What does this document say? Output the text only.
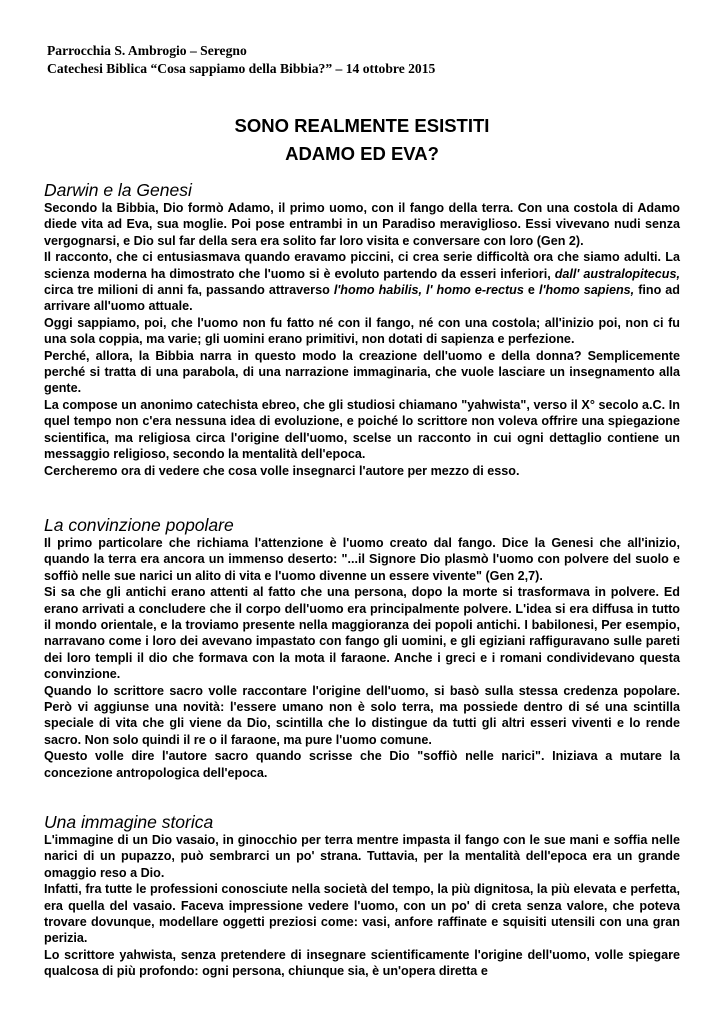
Parrocchia S. Ambrogio – Seregno
Catechesi Biblica “Cosa sappiamo della Bibbia?” – 14 ottobre 2015
SONO REALMENTE ESISTITI
ADAMO ED EVA?
Darwin e la Genesi

Secondo la Bibbia, Dio formò Adamo, il primo uomo, con il fango della terra. Con una costola di Adamo diede vita ad Eva, sua moglie. Poi pose entrambi in un Paradiso meraviglioso. Essi vivevano nudi senza vergognarsi, e Dio sul far della sera era solito far loro visita e conversare con loro (Gen 2).

Il racconto, che ci entusiasmava quando eravamo piccini, ci crea serie difficoltà ora che siamo adulti. La scienza moderna ha dimostrato che l'uomo si è evoluto partendo da esseri inferiori, dall' australopitecus, circa tre milioni di anni fa, passando attraverso l'homo habilis, l' homo e-rectus e l'homo sapiens, fino ad arrivare all'uomo attuale.

Oggi sappiamo, poi, che l'uomo non fu fatto né con il fango, né con una costola; all'inizio poi, non ci fu una sola coppia, ma varie; gli uomini erano primitivi, non dotati di sapienza e perfezione.

Perché, allora, la Bibbia narra in questo modo la creazione dell'uomo e della donna? Semplicemente perché si tratta di una parabola, di una narrazione immaginaria, che vuole lasciare un insegnamento alla gente.

La compose un anonimo catechista ebreo, che gli studiosi chiamano "yahwista", verso il X° secolo a.C. In quel tempo non c'era nessuna idea di evoluzione, e poiché lo scrittore non voleva offrire una spiegazione scientifica, ma religiosa circa l'origine dell'uomo, scelse un racconto in cui ogni dettaglio contiene un messaggio religioso, secondo la mentalità dell'epoca.

Cercheremo ora di vedere che cosa volle insegnarci l'autore per mezzo di esso.

La convinzione popolare

Il primo particolare che richiama l'attenzione è l'uomo creato dal fango. Dice la Genesi che all'inizio, quando la terra era ancora un immenso deserto: "...il Signore Dio plasmò l'uomo con polvere del suolo e soffiò nelle sue narici un alito di vita e l'uomo divenne un essere vivente" (Gen 2,7).

Si sa che gli antichi erano attenti al fatto che una persona, dopo la morte si trasformava in polvere. Ed erano arrivati a concludere che il corpo dell'uomo era principalmente polvere. L'idea si era diffusa in tutto il mondo orientale, e la troviamo presente nella maggioranza dei popoli antichi. I babilonesi, Per esempio, narravano come i loro dei avevano impastato con fango gli uomini, e gli egiziani raffiguravano sulle pareti dei loro templi il dio che formava con la mota il faraone. Anche i greci e i romani condividevano questa convinzione.

Quando lo scrittore sacro volle raccontare l'origine dell'uomo, si basò sulla stessa credenza popolare. Però vi aggiunse una novità: l'essere umano non è solo terra, ma possiede dentro di sé una scintilla speciale di vita che gli viene da Dio, scintilla che lo distingue da tutti gli altri esseri viventi e lo rende sacro. Non solo quindi il re o il faraone, ma pure l'uomo comune.

Questo volle dire l'autore sacro quando scrisse che Dio "soffiò nelle narici". Iniziava a mutare la concezione antropologica dell'epoca.

Una immagine storica

L'immagine di un Dio vasaio, in ginocchio per terra mentre impasta il fango con le sue mani e soffia nelle narici di un pupazzo, può sembrarci un po' strana. Tuttavia, per la mentalità dell'epoca era un grande omaggio reso a Dio.

Infatti, fra tutte le professioni conosciute nella società del tempo, la più dignitosa, la più elevata e perfetta, era quella del vasaio. Faceva impressione vedere l'uomo, con un po' di creta senza valore, che poteva trovare dovunque, modellare oggetti preziosi come: vasi, anfore raffinate e squisiti utensili con una gran perizia.

Lo scrittore yahwista, senza pretendere di insegnare scientificamente l'origine dell'uomo, volle spiegare qualcosa di più profondo: ogni persona, chiunque sia, è un'opera diretta e
